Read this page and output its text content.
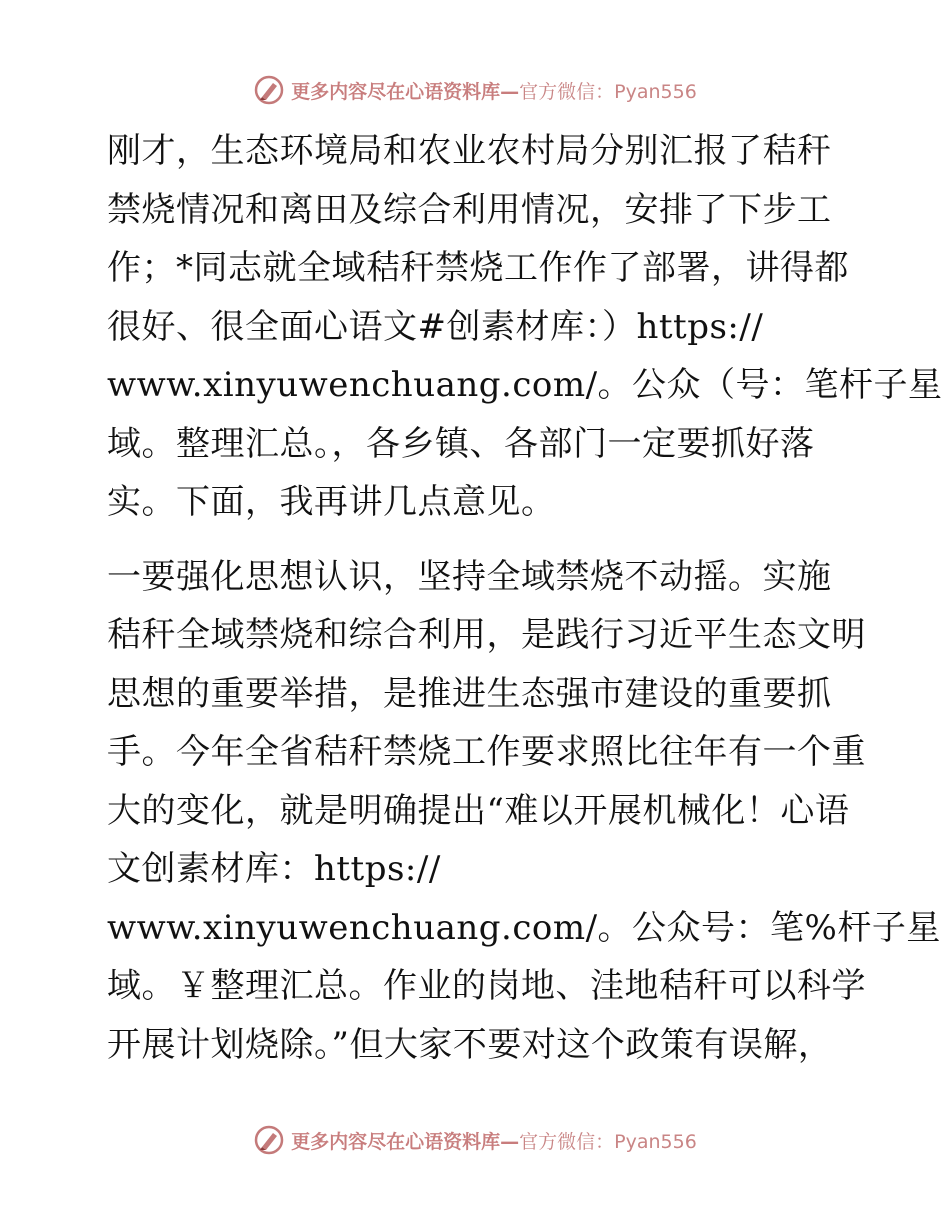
更多内容尽在心语资料库—官方微信：Pyan556

刚才，生态环境局和农业农村局分别汇报了秸秆
禁烧情况和离田及综合利用情况，安排了下步工
作；*同志就全域秸秆禁烧工作作了部署，讲得都
很好、很全面心语文#创素材库：）https://
www.xinyuwenchuang.com/。公众（号：笔杆子星
域。整理汇总。，各乡镇、各部门一定要抓好落
实。下面，我再讲几点意见。

一要强化思想认识，坚持全域禁烧不动摇。实施
秸秆全域禁烧和综合利用，是践行习近平生态文明
思想的重要举措，是推进生态强市建设的重要抓
手。今年全省秸秆禁烧工作要求照比往年有一个重
大的变化，就是明确提出“难以开展机械化！心语
文创素材库：https://
www.xinyuwenchuang.com/。公众号：笔%杆子星
域。￥整理汇总。作业的岗地、洼地秸秆可以科学
开展计划烧除。”但大家不要对这个政策有误解，

更多内容尽在心语资料库—官方微信：Pyan556
